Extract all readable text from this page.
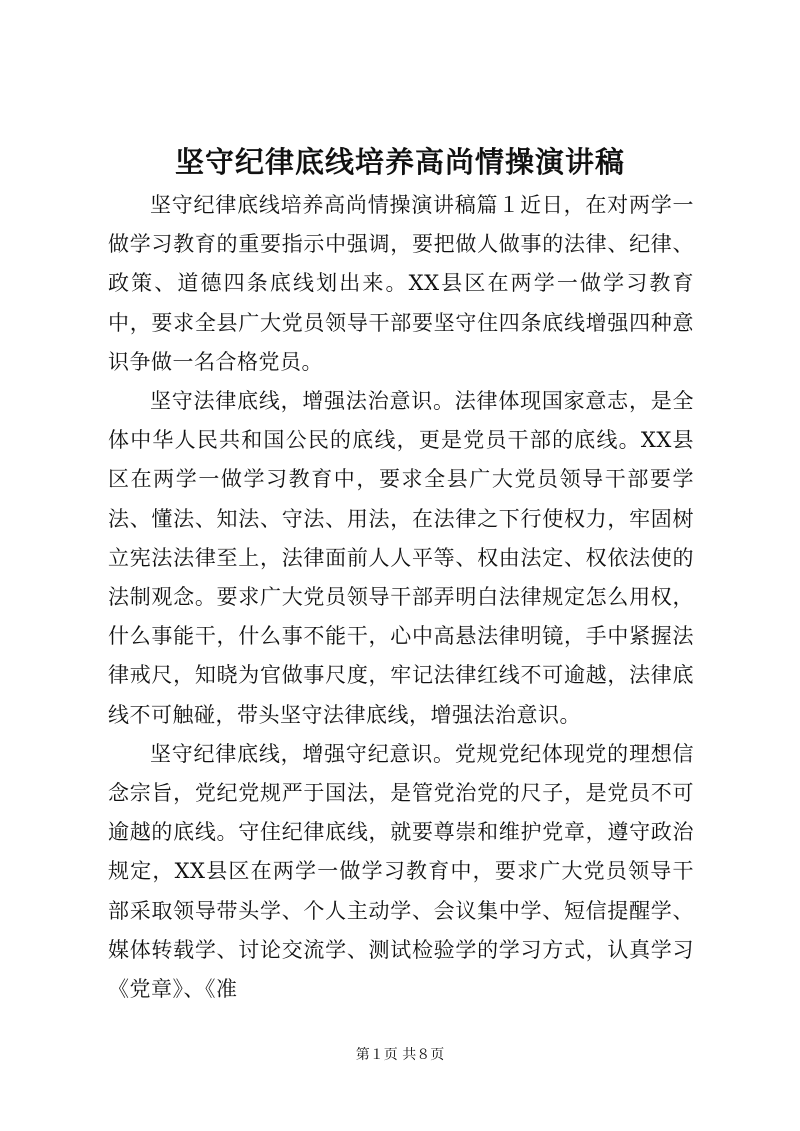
坚守纪律底线培养高尚情操演讲稿

坚守纪律底线培养高尚情操演讲稿篇１近日，在对两学一做学习教育的重要指示中强调，要把做人做事的法律、纪律、政策、道德四条底线划出来。XX县区在两学一做学习教育中，要求全县广大党员领导干部要坚守住四条底线增强四种意识争做一名合格党员。

坚守法律底线，增强法治意识。法律体现国家意志，是全体中华人民共和国公民的底线，更是党员干部的底线。XX县区在两学一做学习教育中，要求全县广大党员领导干部要学法、懂法、知法、守法、用法，在法律之下行使权力，牢固树立宪法法律至上，法律面前人人平等、权由法定、权依法使的法制观念。要求广大党员领导干部弄明白法律规定怎么用权，什么事能干，什么事不能干，心中高悬法律明镜，手中紧握法律戒尺，知晓为官做事尺度，牢记法律红线不可逾越，法律底线不可触碰，带头坚守法律底线，增强法治意识。

坚守纪律底线，增强守纪意识。党规党纪体现党的理想信念宗旨，党纪党规严于国法，是管党治党的尺子，是党员不可逾越的底线。守住纪律底线，就要尊崇和维护党章，遵守政治规定，XX县区在两学一做学习教育中，要求广大党员领导干部采取领导带头学、个人主动学、会议集中学、短信提醒学、媒体转载学、讨论交流学、测试检验学的学习方式，认真学习《党章》、《准

第１页 共８页
